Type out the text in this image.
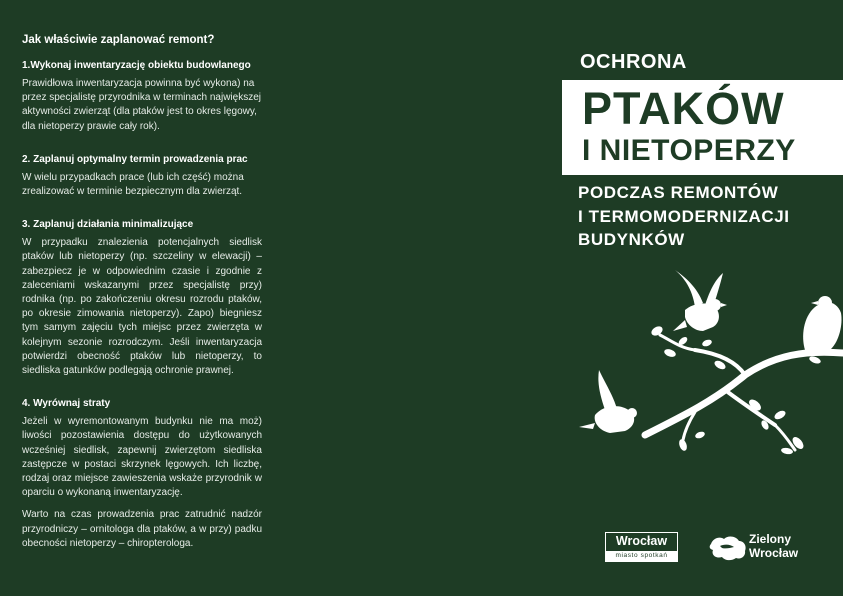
Jak właściwie zaplanować remont?
1.Wykonaj inwentaryzację obiektu budowlanego

Prawidłowa inwentaryzacja powinna być wykona) na przez specjalistę przyrodnika w terminach największej aktywności zwierząt (dla ptaków jest to okres lęgowy, dla nietoperzy prawie cały rok).

2. Zaplanuj optymalny termin prowadzenia prac

W wielu przypadkach prace (lub ich część) można zrealizować w terminie bezpiecznym dla zwierząt.

3. Zaplanuj działania minimalizujące

W przypadku znalezienia potencjalnych siedlisk ptaków lub nietoperzy (np. szczeliny w elewacji) – zabezpiecz je w odpowiednim czasie i zgodnie z zaleceniami wskazanymi przez specjalistę przy) rodnika (np. po zakończeniu okresu rozrodu ptaków, po okresie zimowania nietoperzy). Zapo) biegniesz tym samym zajęciu tych miejsc przez zwierzęta w kolejnym sezonie rozrodczym. Jeśli inwentaryzacja potwierdzi obecność ptaków lub nietoperzy, to siedliska gatunków podlegają ochronie prawnej.

4. Wyrównaj straty

Jeżeli w wyremontowanym budynku nie ma moż) liwości pozostawienia dostępu do użytkowanych wcześniej siedlisk, zapewnij zwierzętom siedliska zastępcze w postaci skrzynek lęgowych. Ich liczbę, rodzaj oraz miejsce zawieszenia wskaże przyrodnik w oparciu o wykonaną inwentaryzację.

Warto na czas prowadzenia prac zatrudnić nadzór przyrodniczy – ornitologa dla ptaków, a w przy) padku obecności nietoperzy – chiropterologa.

OCHRONA
PTAKÓW
I NIETOPERZY
PODCZAS REMONTÓW
I TERMOMODERNIZACJI
BUDYNKÓW
Wrocław
miasto spotkań
Zielony
Wrocław
